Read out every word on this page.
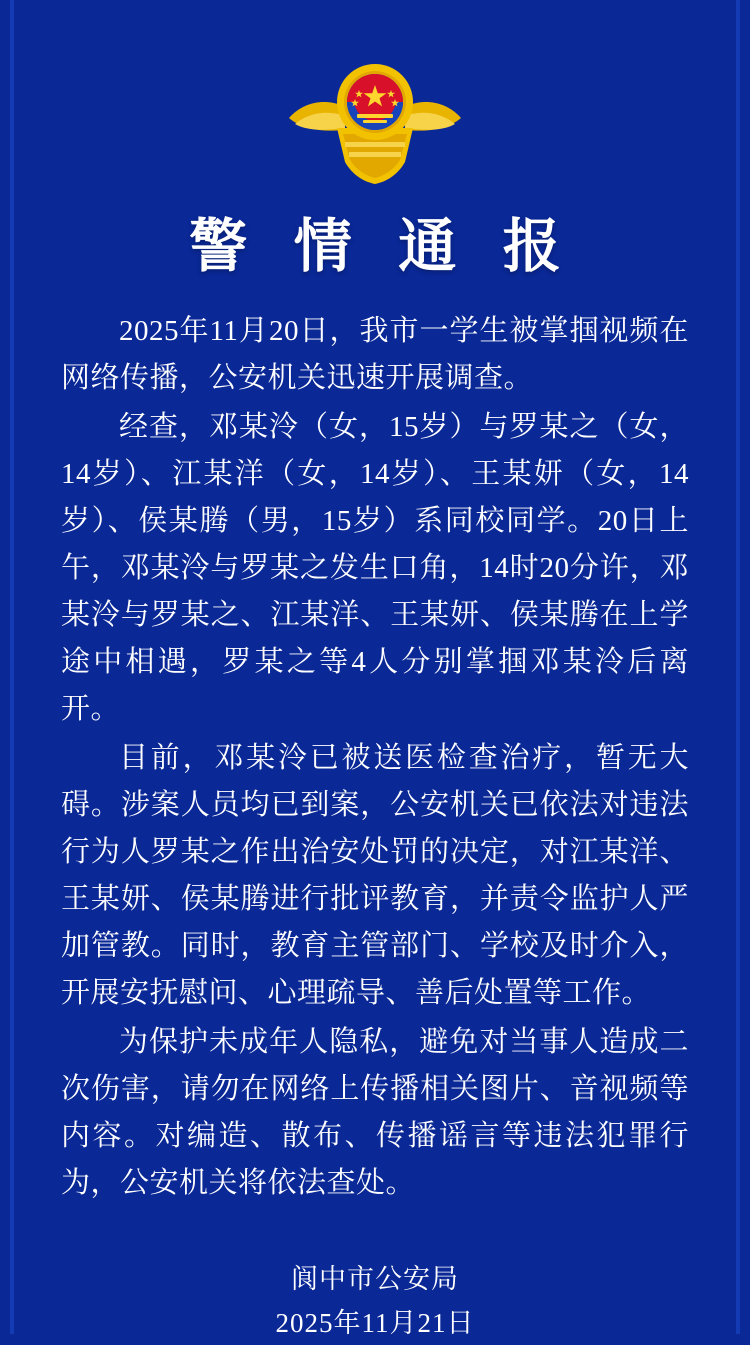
警 情 通 报

2025年11月20日，我市一学生被掌掴视频在网络传播，公安机关迅速开展调查。

经查，邓某泠（女，15岁）与罗某之（女，14岁）、江某洋（女，14岁）、王某妍（女，14岁）、侯某腾（男，15岁）系同校同学。20日上午，邓某泠与罗某之发生口角，14时20分许，邓某泠与罗某之、江某洋、王某妍、侯某腾在上学途中相遇，罗某之等4人分别掌掴邓某泠后离开。

目前，邓某泠已被送医检查治疗，暂无大碍。涉案人员均已到案，公安机关已依法对违法行为人罗某之作出治安处罚的决定，对江某洋、王某妍、侯某腾进行批评教育，并责令监护人严加管教。同时，教育主管部门、学校及时介入，开展安抚慰问、心理疏导、善后处置等工作。

为保护未成年人隐私，避免对当事人造成二次伤害，请勿在网络上传播相关图片、音视频等内容。对编造、散布、传播谣言等违法犯罪行为，公安机关将依法查处。

阆中市公安局
2025年11月21日
